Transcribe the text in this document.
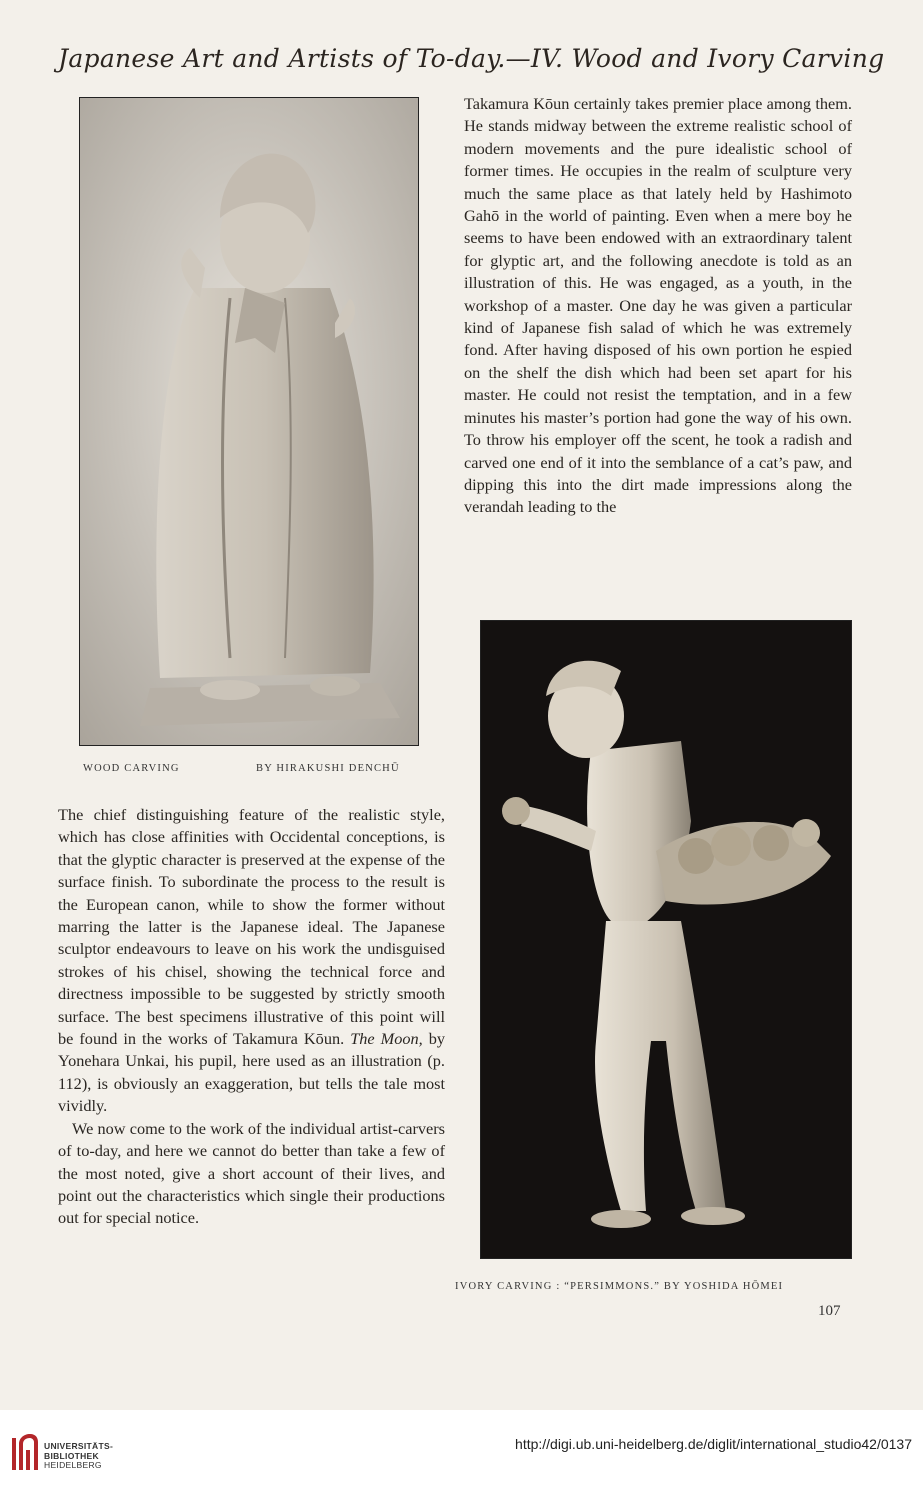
Japanese Art and Artists of To-day.—IV. Wood and Ivory Carving
WOOD CARVING	BY HIRAKUSHI DENCHŪ

Takamura Kōun certainly takes premier place among them. He stands midway between the extreme realistic school of modern movements and the pure idealistic school of former times. He occupies in the realm of sculpture very much the same place as that lately held by Hashimoto Gahō in the world of painting. Even when a mere boy he seems to have been endowed with an extraordinary talent for glyptic art, and the following anecdote is told as an illustration of this. He was engaged, as a youth, in the workshop of a master. One day he was given a particular kind of Japanese fish salad of which he was extremely fond. After having disposed of his own portion he espied on the shelf the dish which had been set apart for his master. He could not resist the temptation, and in a few minutes his master’s portion had gone the way of his own. To throw his employer off the scent, he took a radish and carved one end of it into the semblance of a cat’s paw, and dipping this into the dirt made impressions along the verandah leading to the

IVORY CARVING : “PERSIMMONS.” BY YOSHIDA HŌMEI
107

The chief distinguishing feature of the realistic style, which has close affinities with Occidental conceptions, is that the glyptic character is preserved at the expense of the surface finish. To subordinate the process to the result is the European canon, while to show the former without marring the latter is the Japanese ideal. The Japanese sculptor endeavours to leave on his work the undisguised strokes of his chisel, showing the technical force and directness impossible to be suggested by strictly smooth surface. The best specimens illustrative of this point will be found in the works of Takamura Kōun. The Moon, by Yonehara Unkai, his pupil, here used as an illustration (p. 112), is obviously an exaggeration, but tells the tale most vividly.

We now come to the work of the individual artist-carvers of to-day, and here we cannot do better than take a few of the most noted, give a short account of their lives, and point out the characteristics which single their productions out for special notice.

UNIVERSITÄTS-
BIBLIOTHEK
HEIDELBERG
http://digi.ub.uni-heidelberg.de/diglit/international_studio42/0137
